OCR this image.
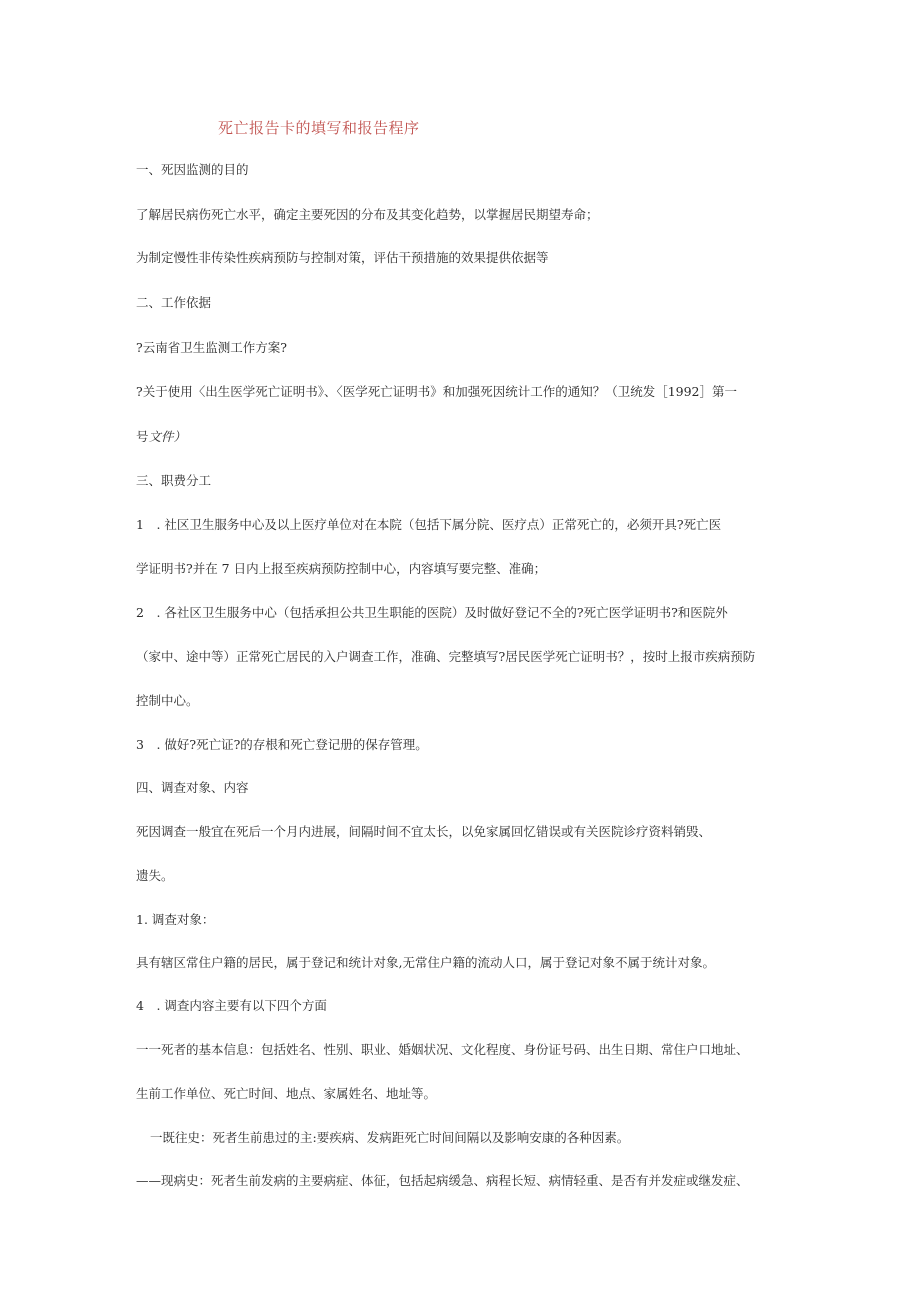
死亡报告卡的填写和报告程序
一、死因监测的目的
了解居民病伤死亡水平，确定主要死因的分布及其变化趋势，以掌握居民期望寿命；
为制定慢性非传染性疾病预防与控制对策，评估干预措施的效果提供依据等
二、工作依据
?云南省卫生监测工作方案?
?关于使用〈出生医学死亡证明书》、〈医学死亡证明书》和加强死因统计工作的通知？（卫统发［1992］第一
号文件）
三、职费分工
1　. 社区卫生服务中心及以上医疗单位对在本院（包括下属分院、医疗点）正常死亡的，必须开具?死亡医
学证明书?并在 7 日内上报至疾病预防控制中心，内容填写要完整、准确；
2　. 各社区卫生服务中心（包括承担公共卫生职能的医院）及时做好登记不全的?死亡医学证明书?和医院外
（家中、途中等）正常死亡居民的入户调查工作，准确、完整填写?居民医学死亡证明书？，按时上报市疾病预防
控制中心。
3　. 做好?死亡证?的存根和死亡登记册的保存管理。
四、调查对象、内容
死因调查一般宜在死后一个月内进展，间隔时间不宜太长，以免家属回忆错误或有关医院诊疗资料销毁、
遗失。
1. 调查对象：
具有辖区常住户籍的居民，属于登记和统计对象,无常住户籍的流动人口，属于登记对象不属于统计对象。
4　. 调查内容主要有以下四个方面
一一死者的基本信息：包括姓名、性别、职业、婚姻状况、文化程度、身份证号码、出生日期、常住户口地址、
生前工作单位、死亡时间、地点、家属姓名、地址等。
一既往史：死者生前患过的主:要疾病、发病距死亡时间间隔以及影响安康的各种因素。
——现病史：死者生前发病的主要病症、体征，包括起病缓急、病程长短、病情轻重、是否有并发症或继发症、
